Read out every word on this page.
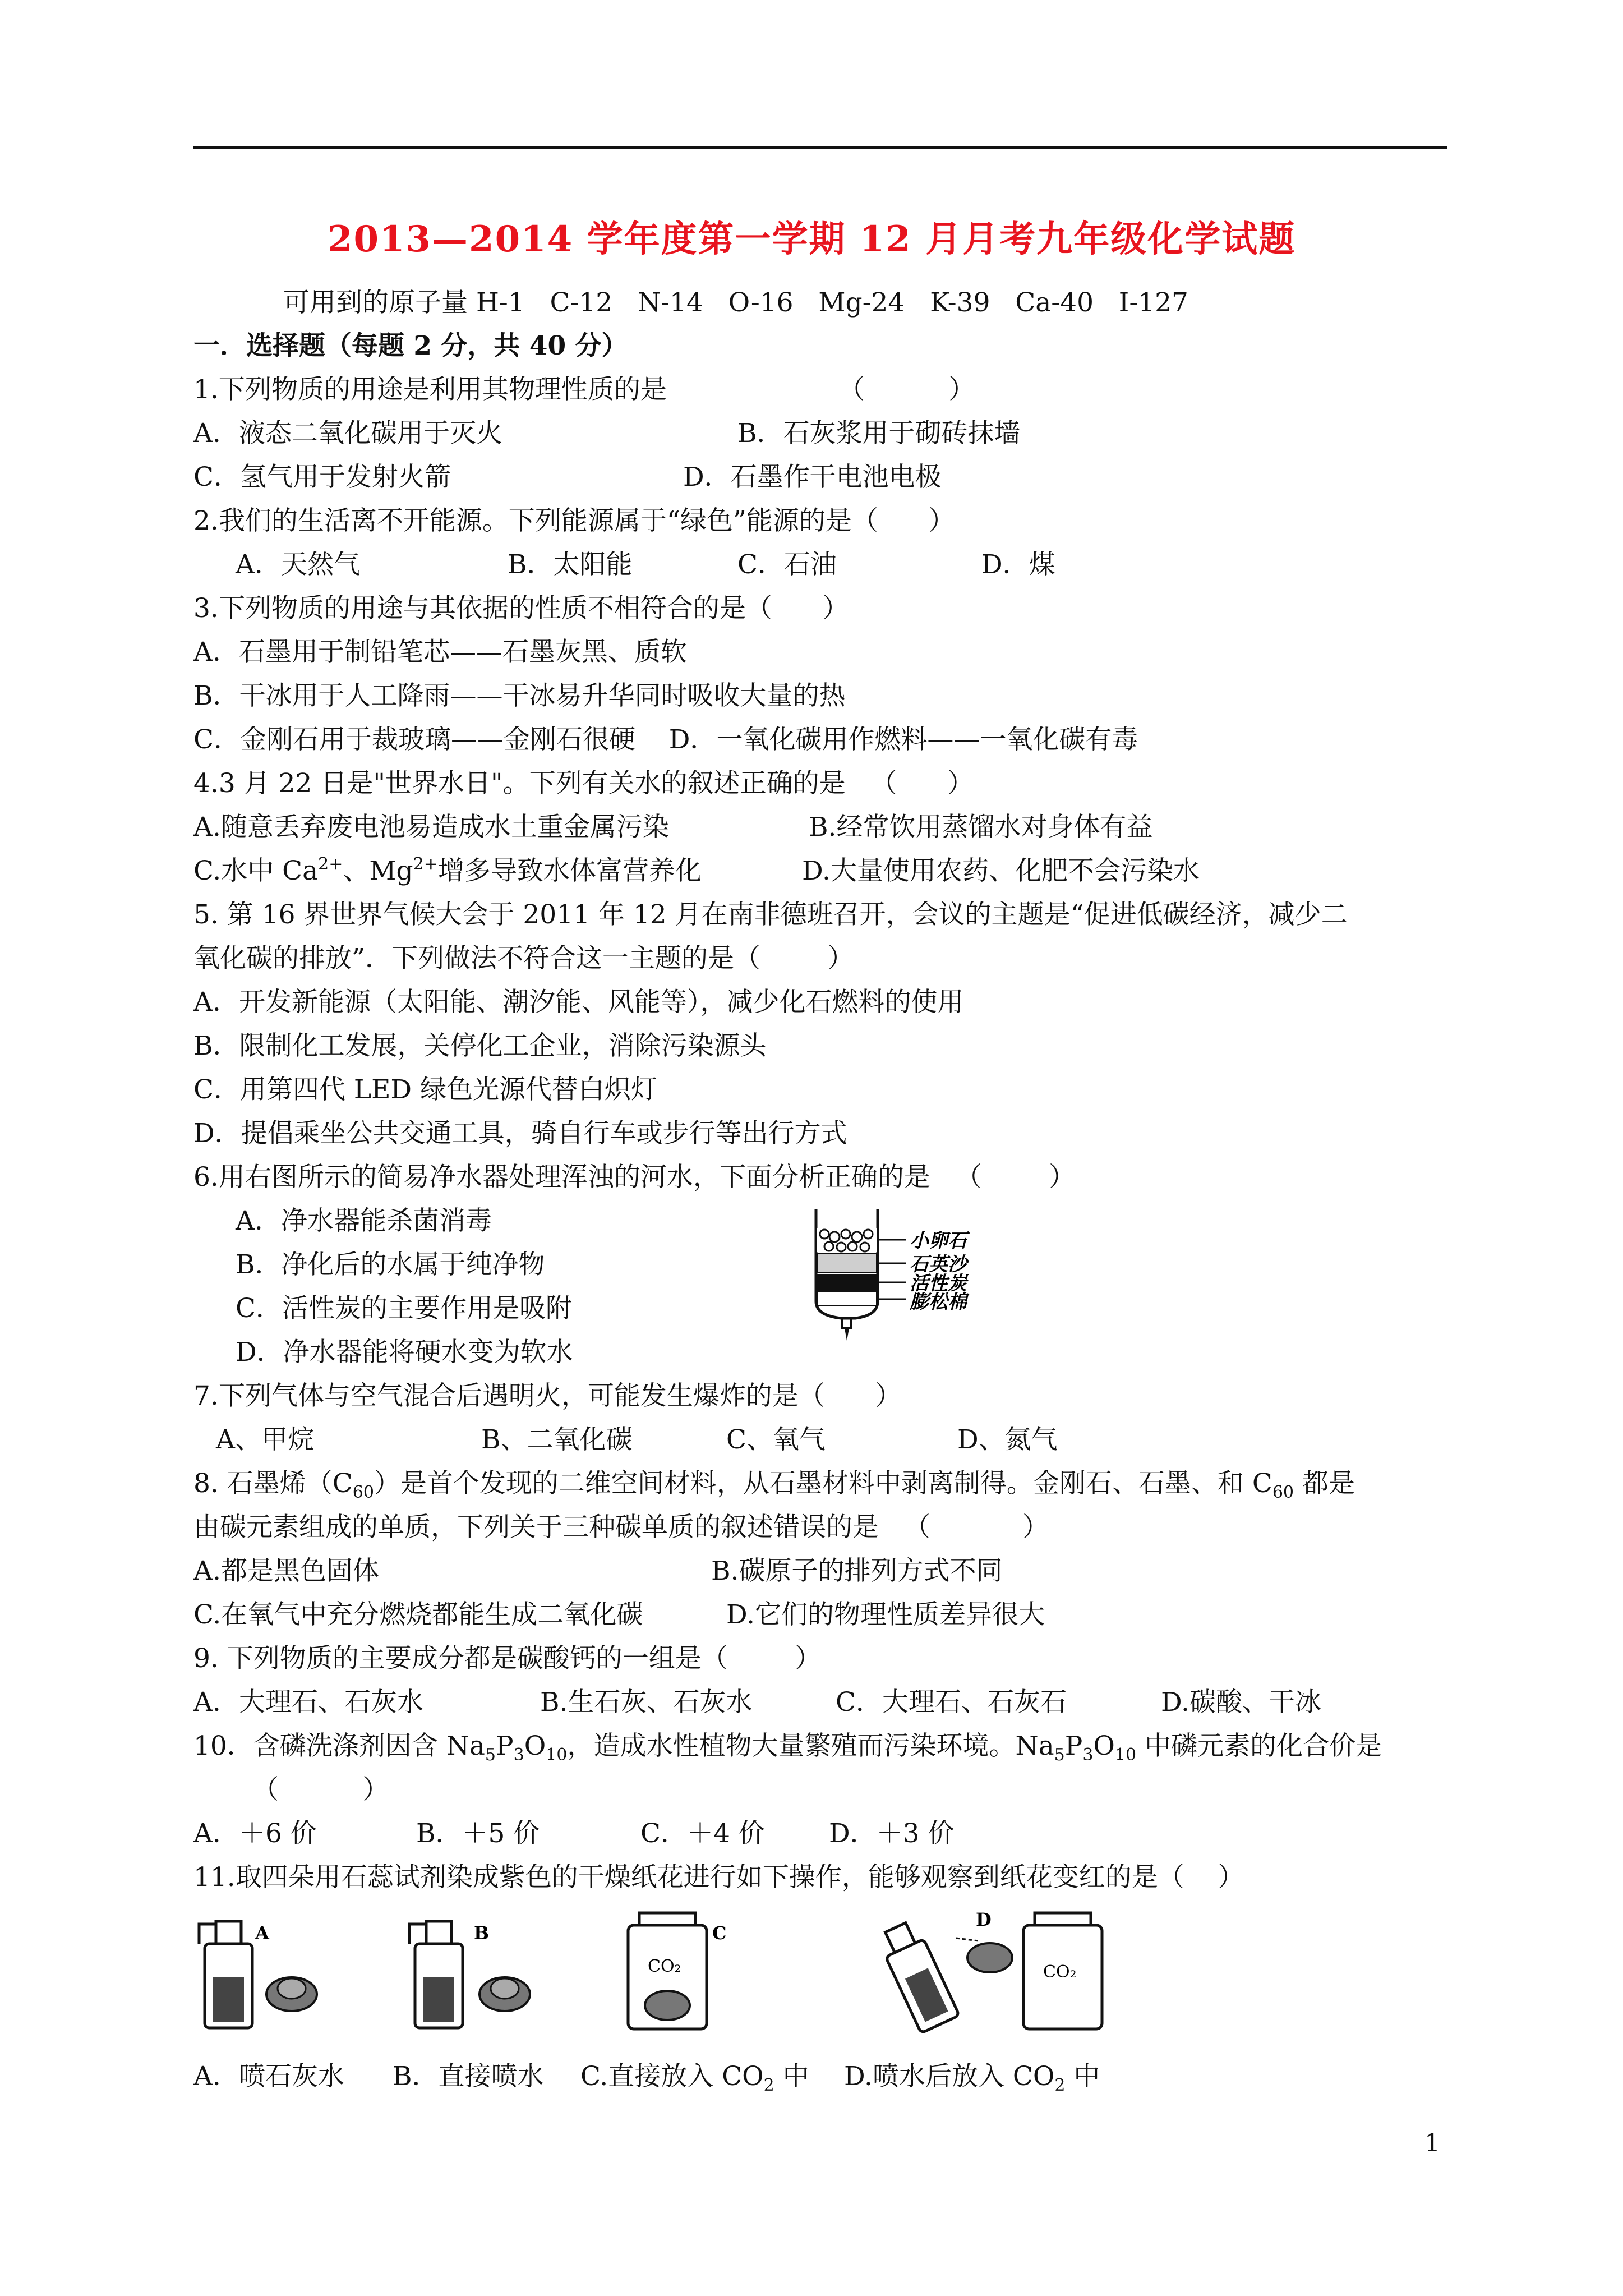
2013—2014 学年度第一学期 12 月月考九年级化学试题
可用到的原子量 H-1   C-12   N-14   O-16   Mg-24   K-39   Ca-40   I-127
一．选择题（每题 2 分，共 40 分）
1.下列物质的用途是利用其物理性质的是	（          ）
A．液态二氧化碳用于灭火	B．石灰浆用于砌砖抹墙
C．氢气用于发射火箭	D．石墨作干电池电极
2.我们的生活离不开能源。下列能源属于“绿色”能源的是（      ）
A．天然气	B．太阳能	C．石油	D．煤
3.下列物质的用途与其依据的性质不相符合的是（      ）
A．石墨用于制铅笔芯——石墨灰黑、质软
B．干冰用于人工降雨——干冰易升华同时吸收大量的热
C．金刚石用于裁玻璃——金刚石很硬    D．一氧化碳用作燃料——一氧化碳有毒
4.3 月 22 日是"世界水日"。下列有关水的叙述正确的是   （      ）
A.随意丢弃废电池易造成水土重金属污染	B.经常饮用蒸馏水对身体有益
C.水中 $Ca^{2+}$、$Mg^{2+}$增多导致水体富营养化	D.大量使用农药、化肥不会污染水
5. 第 16 界世界气候大会于 2011 年 12 月在南非德班召开，会议的主题是“促进低碳经济，减少二
氧化碳的排放”．下列做法不符合这一主题的是（        ）
A．开发新能源（太阳能、潮汐能、风能等），减少化石燃料的使用
B．限制化工发展，关停化工企业，消除污染源头
C．用第四代 LED 绿色光源代替白炽灯
D．提倡乘坐公共交通工具，骑自行车或步行等出行方式
6.用右图所示的简易净水器处理浑浊的河水，下面分析正确的是   （        ）
A．净水器能杀菌消毒
B．净化后的水属于纯净物
C．活性炭的主要作用是吸附
D．净水器能将硬水变为软水
小卵石
石英沙
活性炭
膨松棉
7.下列气体与空气混合后遇明火，可能发生爆炸的是（      ）
A、甲烷	B、二氧化碳	C、氧气	D、氮气
8. 石墨烯$(C_{60})$是首个发现的二维空间材料，从石墨材料中剥离制得。金刚石、石墨、和 $C_{60}$ 都是
由碳元素组成的单质，下列关于三种碳单质的叙述错误的是   （           ）
A.都是黑色固体	B.碳原子的排列方式不同
C.在氧气中充分燃烧都能生成二氧化碳	D.它们的物理性质差异很大
9. 下列物质的主要成分都是碳酸钙的一组是（        ）
A．大理石、石灰水	B.生石灰、石灰水	C．大理石、石灰石	D.碳酸、干冰
10．含磷洗涤剂因含 $Na_5P_3O_{10}$，造成水性植物大量繁殖而污染环境。$Na_5P_3O_{10}$ 中磷元素的化合价是
（          ）
A．＋6 价	B．＋5 价	C．＋4 价 D．＋3 价
11.取四朵用石蕊试剂染成紫色的干燥纸花进行如下操作，能够观察到纸花变红的是（    ）
A	B
CO₂
C
D
CO₂
A．喷石灰水 B．直接喷水 C.直接放入 $CO_2$ 中 D.喷水后放入 $CO_2$ 中
1
